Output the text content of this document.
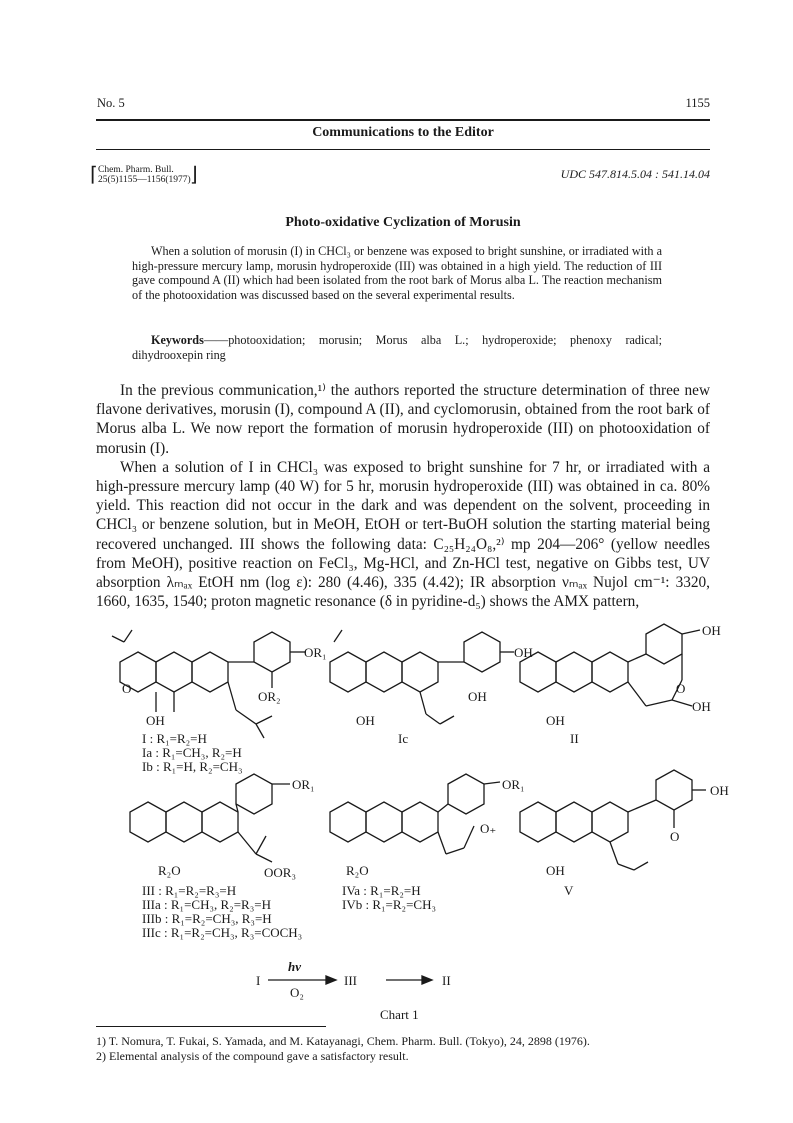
No. 5	1155
Communications to the Editor
⌈ Chem. Pharm. Bull.
25(5)1155—1156(1977) ⌋	UDC 547.814.5.04 : 541.14.04
Photo-oxidative Cyclization of Morusin
When a solution of morusin (I) in CHCl₃ or benzene was exposed to bright sunshine, or irradiated with a high-pressure mercury lamp, morusin hydroperoxide (III) was obtained in a high yield. The reduction of III gave compound A (II) which had been isolated from the root bark of Morus alba L. The reaction mechanism of the photooxidation was discussed based on the several experimental results.
Keywords——photooxidation; morusin; Morus alba L.; hydroperoxide; phenoxy radical; dihydrooxepin ring

In the previous communication,¹⁾ the authors reported the structure determination of three new flavone derivatives, morusin (I), compound A (II), and cyclomorusin, obtained from the root bark of Morus alba L. We now report the formation of morusin hydroperoxide (III) on photooxidation of morusin (I).

When a solution of I in CHCl₃ was exposed to bright sunshine for 7 hr, or irradiated with a high-pressure mercury lamp (40 W) for 5 hr, morusin hydroperoxide (III) was obtained in ca. 80% yield. This reaction did not occur in the dark and was dependent on the solvent, proceeding in CHCl₃ or benzene solution, but in MeOH, EtOH or tert-BuOH solution the starting material being recovered unchanged. III shows the following data: C₂₅H₂₄O₈,²⁾ mp 204—206° (yellow needles from MeOH), positive reaction on FeCl₃, Mg-HCl, and Zn-HCl test, negative on Gibbs test, UV absorption λₘₐₓ EtOH nm (log ε): 280 (4.46), 335 (4.42); IR absorption νₘₐₓ Nujol cm⁻¹: 3320, 1660, 1635, 1540; proton magnetic resonance (δ in pyridine-d₅) shows the AMX pattern,

OR₁
OR₂
OH
O
OH
OH
OH
OH
O
OH
OH
OR₁
OOR₃
R₂O
OR₁
O₊
R₂O
OH
O
OH
I : R₁=R₂=H
Ia : R₁=CH₃, R₂=H
Ib : R₁=H, R₂=CH₃
Ic	II
III : R₁=R₂=R₃=H
IIIa : R₁=CH₃, R₂=R₃=H
IIIb : R₁=R₂=CH₃, R₃=H
IIIc : R₁=R₂=CH₃, R₃=COCH₃
IVa : R₁=R₂=H
IVb : R₁=R₂=CH₃
V
I
hν
O₂
III	II
Chart 1
1) T. Nomura, T. Fukai, S. Yamada, and M. Katayanagi, Chem. Pharm. Bull. (Tokyo), 24, 2898 (1976).
2) Elemental analysis of the compound gave a satisfactory result.
